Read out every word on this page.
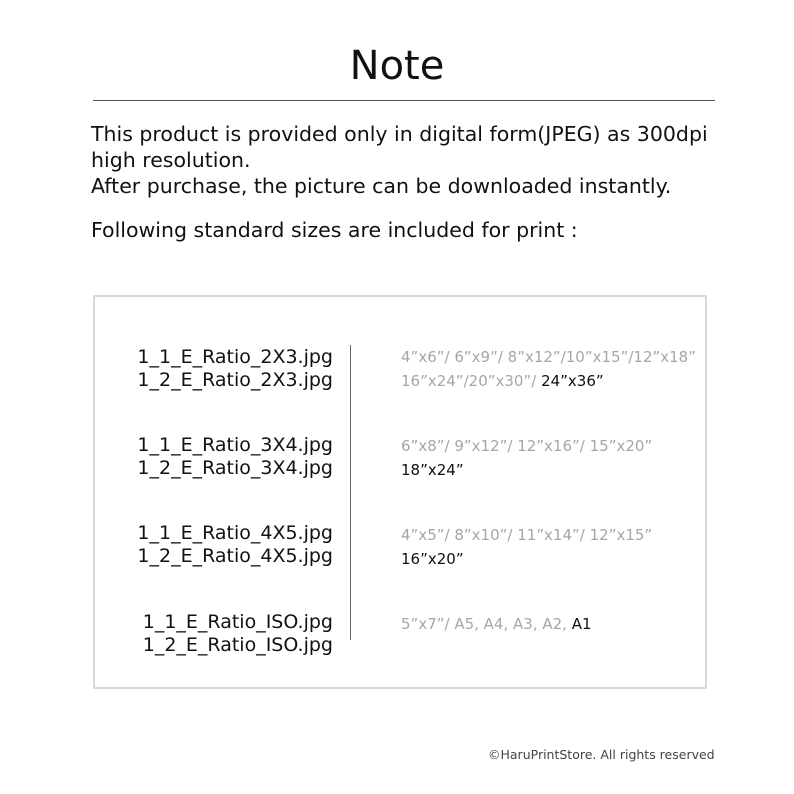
Note
This product is provided only in digital form(JPEG) as 300dpi
high resolution.
After purchase, the picture can be downloaded instantly.
Following standard sizes are included for print :
1_1_E_Ratio_2X3.jpg
1_2_E_Ratio_2X3.jpg
4”x6”/ 6”x9”/ 8”x12”/10”x15”/12”x18”
16”x24”/20”x30”/ 24”x36”
1_1_E_Ratio_3X4.jpg
1_2_E_Ratio_3X4.jpg
6”x8”/ 9”x12”/ 12”x16”/ 15”x20”
18”x24”
1_1_E_Ratio_4X5.jpg
1_2_E_Ratio_4X5.jpg
4”x5”/ 8”x10”/ 11”x14”/ 12”x15”
16”x20”
1_1_E_Ratio_ISO.jpg
1_2_E_Ratio_ISO.jpg
5”x7”/ A5, A4, A3, A2, A1
©HaruPrintStore. All rights reserved
